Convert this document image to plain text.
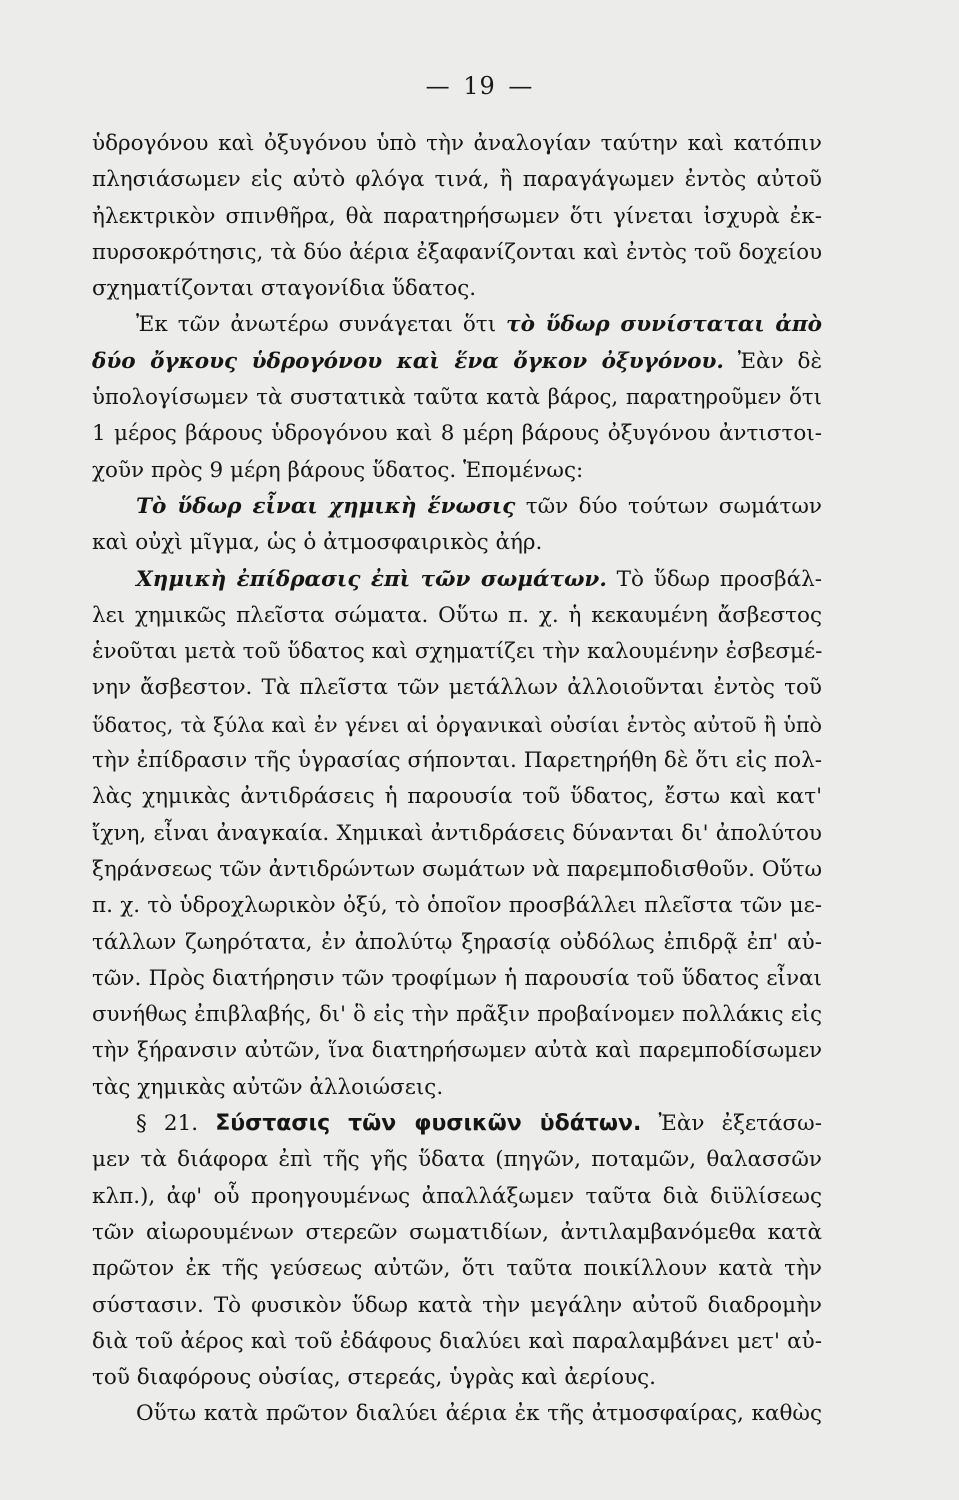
— 19 —
ὑδρογόνου καὶ ὀξυγόνου ὑπὸ τὴν ἀναλογίαν ταύτην καὶ κατόπιν
πλησιάσωμεν εἰς αὐτὸ φλόγα τινά, ἢ παραγάγωμεν ἐντὸς αὐτοῦ
ἠλεκτρικὸν σπινθῆρα, θὰ παρατηρήσωμεν ὅτι γίνεται ἰσχυρὰ ἐκ-
πυρσοκρότησις, τὰ δύο ἀέρια ἐξαφανίζονται καὶ ἐντὸς τοῦ δοχείου
σχηματίζονται σταγονίδια ὕδατος.
Ἐκ τῶν ἀνωτέρω συνάγεται ὅτι τὸ ὕδωρ συνίσταται ἀπὸ
δύο ὄγκους ὑδρογόνου καὶ ἕνα ὄγκον ὀξυγόνου. Ἐὰν δὲ
ὑπολογίσωμεν τὰ συστατικὰ ταῦτα κατὰ βάρος, παρατηροῦμεν ὅτι
1 μέρος βάρους ὑδρογόνου καὶ 8 μέρη βάρους ὀξυγόνου ἀντιστοι-
χοῦν πρὸς 9 μέρη βάρους ὕδατος. Ἑπομένως:
Τὸ ὕδωρ εἶναι χημικὴ ἕνωσις τῶν δύο τούτων σωμάτων
καὶ οὐχὶ μῖγμα, ὡς ὁ ἀτμοσφαιρικὸς ἀήρ.
Χημικὴ ἐπίδρασις ἐπὶ τῶν σωμάτων. Τὸ ὕδωρ προσβάλ-
λει χημικῶς πλεῖστα σώματα. Οὕτω π. χ. ἡ κεκαυμένη ἄσβεστος
ἑνοῦται μετὰ τοῦ ὕδατος καὶ σχηματίζει τὴν καλουμένην ἐσβεσμέ-
νην ἄσβεστον. Τὰ πλεῖστα τῶν μετάλλων ἀλλοιοῦνται ἐντὸς τοῦ
ὕδατος, τὰ ξύλα καὶ ἐν γένει αἱ ὀργανικαὶ οὐσίαι ἐντὸς αὐτοῦ ἢ ὑπὸ
τὴν ἐπίδρασιν τῆς ὑγρασίας σήπονται. Παρετηρήθη δὲ ὅτι εἰς πολ-
λὰς χημικὰς ἀντιδράσεις ἡ παρουσία τοῦ ὕδατος, ἔστω καὶ κατ'
ἴχνη, εἶναι ἀναγκαία. Χημικαὶ ἀντιδράσεις δύνανται δι' ἀπολύτου
ξηράνσεως τῶν ἀντιδρώντων σωμάτων νὰ παρεμποδισθοῦν. Οὕτω
π. χ. τὸ ὑδροχλωρικὸν ὀξύ, τὸ ὁποῖον προσβάλλει πλεῖστα τῶν με-
τάλλων ζωηρότατα, ἐν ἀπολύτῳ ξηρασίᾳ οὐδόλως ἐπιδρᾷ ἐπ' αὐ-
τῶν. Πρὸς διατήρησιν τῶν τροφίμων ἡ παρουσία τοῦ ὕδατος εἶναι
συνήθως ἐπιβλαβής, δι' ὃ εἰς τὴν πρᾶξιν προβαίνομεν πολλάκις εἰς
τὴν ξήρανσιν αὐτῶν, ἵνα διατηρήσωμεν αὐτὰ καὶ παρεμποδίσωμεν
τὰς χημικὰς αὐτῶν ἀλλοιώσεις.
§ 21. Σύστασις τῶν φυσικῶν ὑδάτων. Ἐὰν ἐξετάσω-
μεν τὰ διάφορα ἐπὶ τῆς γῆς ὕδατα (πηγῶν, ποταμῶν, θαλασσῶν
κλπ.), ἀφ' οὗ προηγουμένως ἀπαλλάξωμεν ταῦτα διὰ διϋλίσεως
τῶν αἰωρουμένων στερεῶν σωματιδίων, ἀντιλαμβανόμεθα κατὰ
πρῶτον ἐκ τῆς γεύσεως αὐτῶν, ὅτι ταῦτα ποικίλλουν κατὰ τὴν
σύστασιν. Τὸ φυσικὸν ὕδωρ κατὰ τὴν μεγάλην αὐτοῦ διαδρομὴν
διὰ τοῦ ἀέρος καὶ τοῦ ἐδάφους διαλύει καὶ παραλαμβάνει μετ' αὐ-
τοῦ διαφόρους οὐσίας, στερεάς, ὑγρὰς καὶ ἀερίους.
Οὕτω κατὰ πρῶτον διαλύει ἀέρια ἐκ τῆς ἀτμοσφαίρας, καθὼς
